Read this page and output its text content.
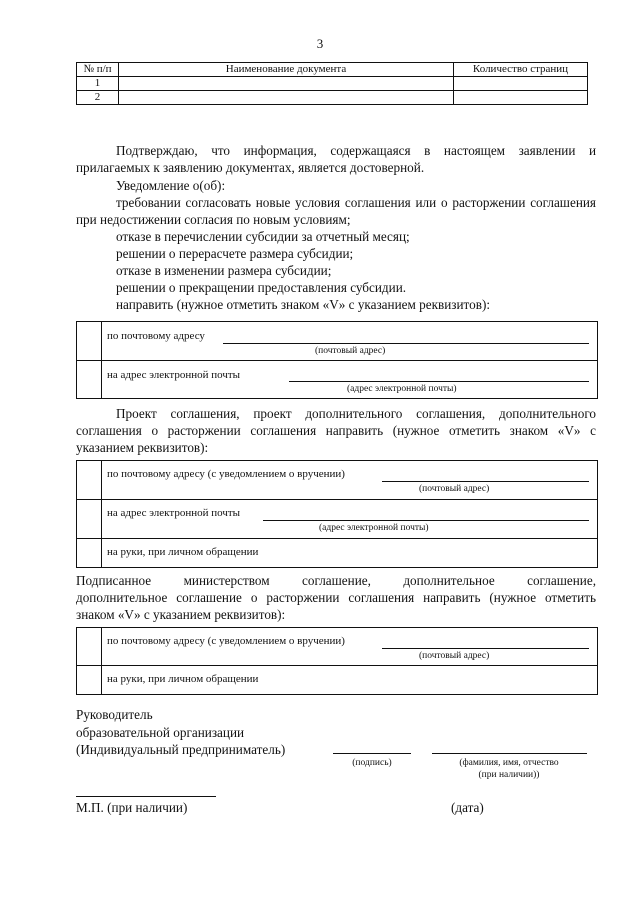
3
№ п/п	Наименование документа	Количество страниц
1		
2		
Подтверждаю, что информация, содержащаяся в настоящем заявлении и прилагаемых к заявлению документах, является достоверной.
Уведомление о(об):
требовании согласовать новые условия соглашения или о расторжении соглашения при недостижении согласия по новым условиям;
отказе в перечислении субсидии за отчетный месяц;
решении о перерасчете размера субсидии;
отказе в изменении размера субсидии;
решении о прекращении предоставления субсидии.
направить (нужное отметить знаком «V» с указанием реквизитов):
по почтовому адресу
(почтовый адрес)
на адрес электронной почты
(адрес электронной почты)
Проект соглашения, проект дополнительного соглашения, дополнительного соглашения о расторжении соглашения направить (нужное отметить знаком «V» с указанием реквизитов):
по почтовому адресу (с уведомлением о вручении)
(почтовый адрес)
на адрес электронной почты
(адрес электронной почты)
на руки, при личном обращении
Подписанное министерством соглашение, дополнительное соглашение,
дополнительное соглашение о расторжении соглашения направить (нужное отметить знаком «V» с указанием реквизитов):
по почтовому адресу (с уведомлением о вручении)
(почтовый адрес)
на руки, при личном обращении
Руководитель
образовательной организации
(Индивидуальный предприниматель)
(подпись)	(фамилия, имя, отчество
(при наличии))
М.П. (при наличии)	(дата)
